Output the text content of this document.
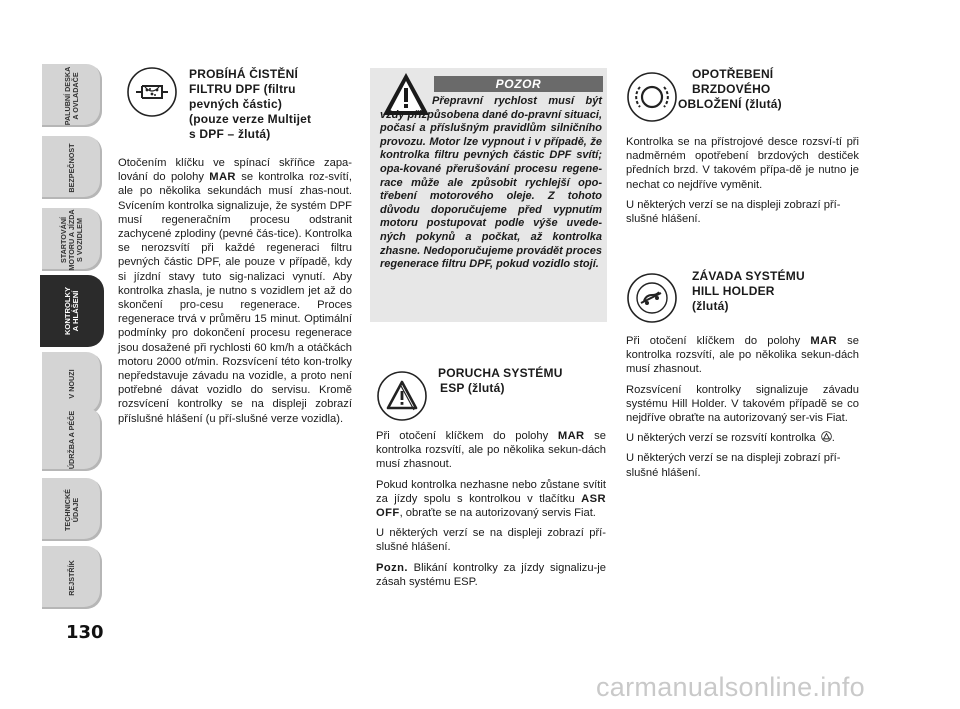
PALUBNÍ DESKA
A OVLADAČE
BEZPEČNOST
STARTOVÁNÍ
MOTORU A JÍZDA
S VOZIDLEM
KONTROLKY
A HLÁŠENÍ
V NOUZI
ÚDRŽBA A PÉČE
TECHNICKÉ ÚDAJE
REJSTŘÍK
130
PROBÍHÁ ČISTĚNÍ
FILTRU DPF (filtru
pevných částic)
(pouze verze Multijet
s DPF – žlutá)

Otočením klíčku ve spínací skříňce zapa-lování do polohy MAR se kontrolka roz-svítí, ale po několika sekundách musí zhas-nout. Svícením kontrolka signalizuje, že systém DPF musí regeneračním procesu odstranit zachycené zplodiny (pevné čás-tice). Kontrolka se nerozsvítí při každé regeneraci filtru pevných částic DPF, ale pouze v případě, kdy si jízdní stavy tuto sig-nalizaci vynutí. Aby kontrolka zhasla, je nutno s vozidlem jet až do skončení pro-cesu regenerace. Proces regenerace trvá v průměru 15 minut. Optimální podmínky pro dokončení procesu regenerace jsou dosažené při rychlosti 60 km/h a otáčkách motoru 2000 ot/min. Rozsvícení této kon-trolky nepředstavuje závadu na vozidle, a proto není potřebné dávat vozidlo do servisu. Kromě rozsvícení kontrolky se na displeji zobrazí příslušné hlášení (u pří-slušné verze vozidla).

POZOR
Přepravní rychlost musí být vždy přizpůsobena dané do-pravní situaci, počasí a příslušným pravidlům silničního provozu. Motor lze vypnout i v případě, že kontrolka filtru pevných částic DPF svítí; opa-kované přerušování procesu regene-race může ale způsobit rychlejší opo-třebení motorového oleje. Z tohoto důvodu doporučujeme před vypnutím motoru postupovat podle výše uvede-ných pokynů a počkat, až kontrolka zhasne. Nedoporučujeme provádět proces regenerace filtru DPF, pokud vozidlo stojí.
PORUCHA SYSTÉMU
ESP (žlutá)

Při otočení klíčkem do polohy MAR se kontrolka rozsvítí, ale po několika sekun-dách musí zhasnout.

Pokud kontrolka nezhasne nebo zůstane svítit za jízdy spolu s kontrolkou v tlačítku ASR OFF, obraťte se na autorizovaný servis Fiat.

U některých verzí se na displeji zobrazí pří-slušné hlášení.

Pozn. Blikání kontrolky za jízdy signalizu-je zásah systému ESP.

OPOTŘEBENÍ
BRZDOVÉHO
OBLOŽENÍ (žlutá)

Kontrolka se na přístrojové desce rozsví-tí při nadměrném opotřebení brzdových destiček předních brzd. V takovém přípa-dě je nutno je nechat co nejdříve vyměnit.

U některých verzí se na displeji zobrazí pří-slušné hlášení.

ZÁVADA SYSTÉMU
HILL HOLDER
(žlutá)

Při otočení klíčkem do polohy MAR se kontrolka rozsvítí, ale po několika sekun-dách musí zhasnout.

Rozsvícení kontrolky signalizuje závadu systému Hill Holder. V takovém případě se co nejdříve obraťte na autorizovaný ser-vis Fiat.

U některých verzí se rozsvítí kontrolka .

U některých verzí se na displeji zobrazí pří-slušné hlášení.

carmanualsonline.info
